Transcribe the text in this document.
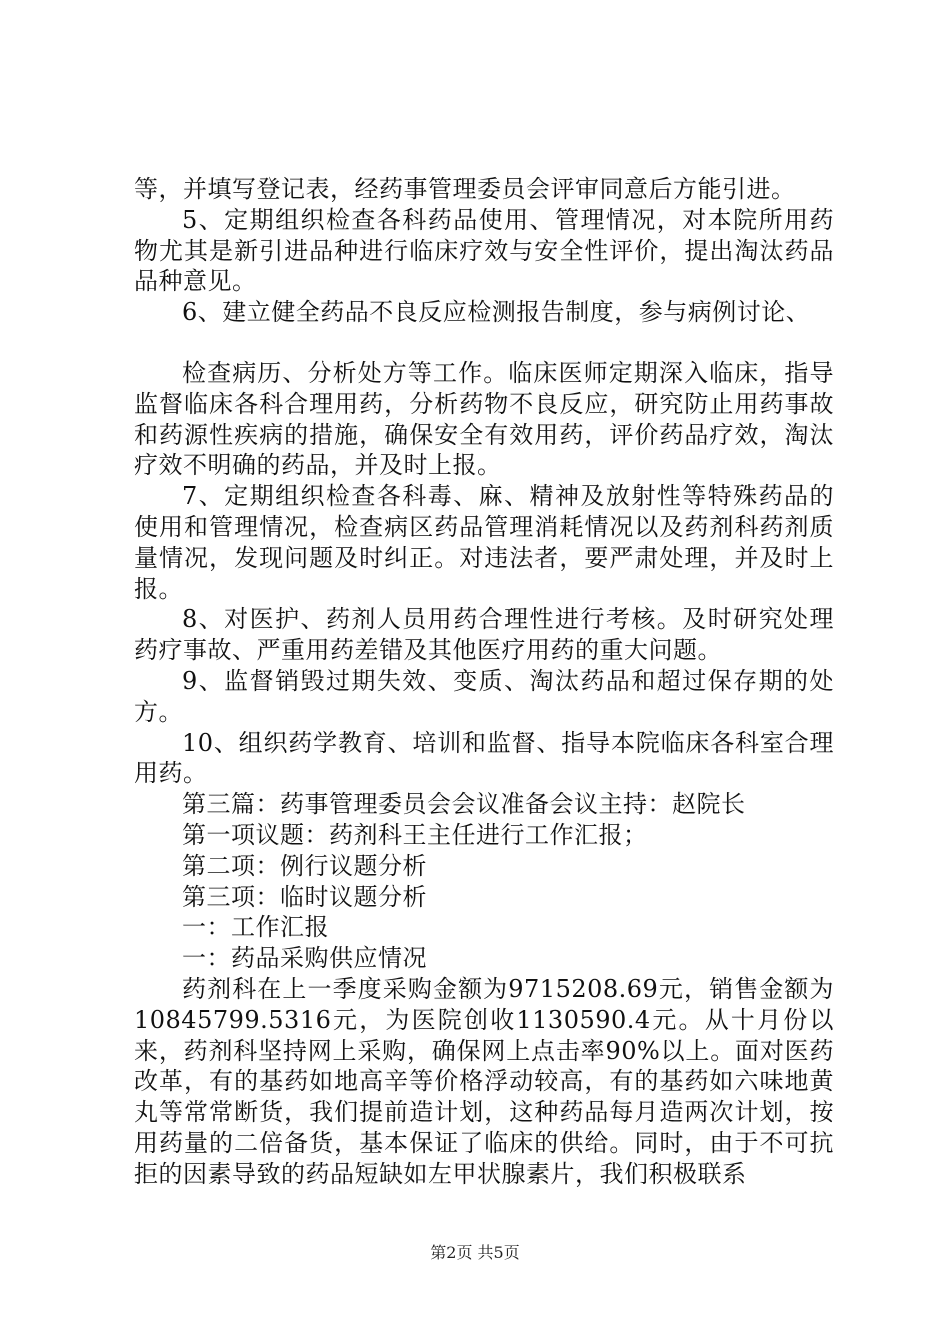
等，并填写登记表，经药事管理委员会评审同意后方能引进。

5、定期组织检查各科药品使用、管理情况，对本院所用药物尤其是新引进品种进行临床疗效与安全性评价，提出淘汰药品品种意见。

6、建立健全药品不良反应检测报告制度，参与病例讨论、

检查病历、分析处方等工作。临床医师定期深入临床，指导监督临床各科合理用药，分析药物不良反应，研究防止用药事故和药源性疾病的措施，确保安全有效用药，评价药品疗效，淘汰疗效不明确的药品，并及时上报。

7、定期组织检查各科毒、麻、精神及放射性等特殊药品的使用和管理情况，检查病区药品管理消耗情况以及药剂科药剂质量情况，发现问题及时纠正。对违法者，要严肃处理，并及时上报。

8、对医护、药剂人员用药合理性进行考核。及时研究处理药疗事故、严重用药差错及其他医疗用药的重大问题。

9、监督销毁过期失效、变质、淘汰药品和超过保存期的处方。

10、组织药学教育、培训和监督、指导本院临床各科室合理用药。

第三篇：药事管理委员会会议准备会议主持：赵院长

第一项议题：药剂科王主任进行工作汇报；

第二项：例行议题分析

第三项：临时议题分析

一：工作汇报

一：药品采购供应情况

药剂科在上一季度采购金额为9715208.69元，销售金额为10845799.5316元，为医院创收1130590.4元。从十月份以来，药剂科坚持网上采购，确保网上点击率90%以上。面对医药改革，有的基药如地高辛等价格浮动较高，有的基药如六味地黄丸等常常断货，我们提前造计划，这种药品每月造两次计划，按用药量的二倍备货，基本保证了临床的供给。同时，由于不可抗拒的因素导致的药品短缺如左甲状腺素片，我们积极联系

第2页 共5页
